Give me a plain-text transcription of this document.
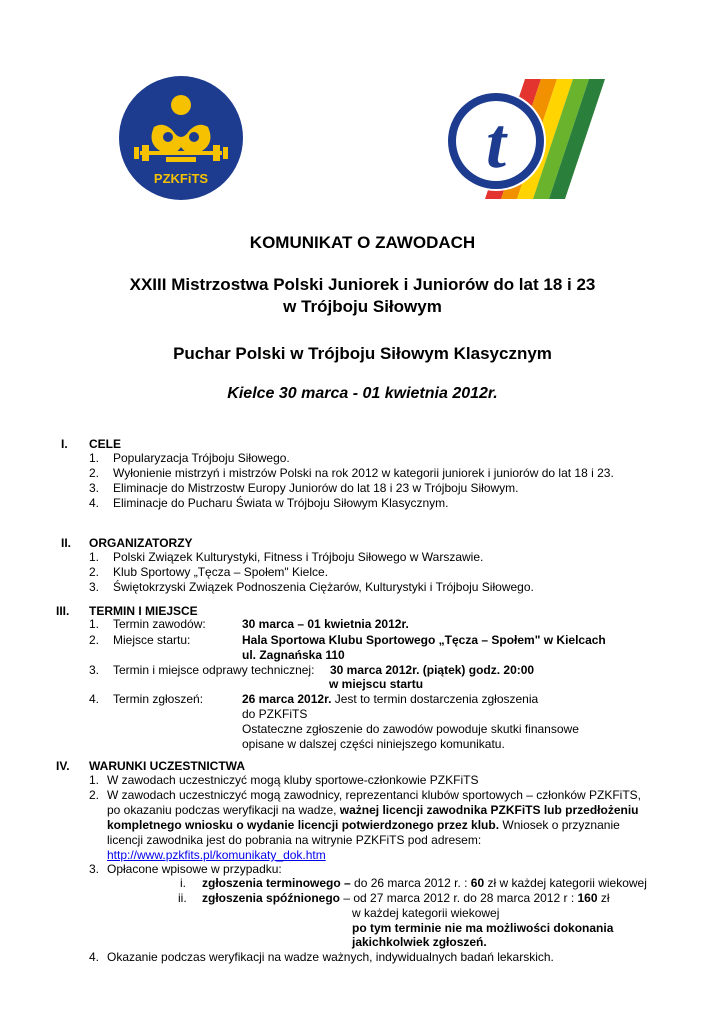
PZKFiTS	t
KOMUNIKAT O ZAWODACH
XXIII Mistrzostwa Polski Juniorek i Juniorów do lat 18 i 23
w Trójboju Siłowym
Puchar Polski w Trójboju Siłowym Klasycznym
Kielce 30 marca - 01 kwietnia 2012r.
I. CELE
1. Popularyzacja Trójboju Siłowego.
2. Wyłonienie mistrzyń i mistrzów Polski na rok 2012 w kategorii juniorek i juniorów do lat 18 i 23.
3. Eliminacje do Mistrzostw Europy Juniorów do lat 18 i 23 w Trójboju Siłowym.
4. Eliminacje do Pucharu Świata w Trójboju Siłowym Klasycznym.
II. ORGANIZATORZY
1. Polski Związek Kulturystyki, Fitness i Trójboju Siłowego w Warszawie.
2. Klub Sportowy „Tęcza – Społem" Kielce.
3. Świętokrzyski Związek Podnoszenia Ciężarów, Kulturystyki i Trójboju Siłowego.
III. TERMIN I MIEJSCE
1. Termin zawodów:	30 marca – 01 kwietnia 2012r.
2. Miejsce startu:	Hala Sportowa Klubu Sportowego „Tęcza – Społem" w Kielcach
ul. Zagnańska 110
3. Termin i miejsce odprawy technicznej: 30 marca 2012r. (piątek) godz. 20:00
w miejscu startu
4. Termin zgłoszeń:	26 marca 2012r. Jest to termin dostarczenia zgłoszenia
do PZKFiTS
Ostateczne zgłoszenie do zawodów powoduje skutki finansowe
opisane w dalszej części niniejszego komunikatu.
IV. WARUNKI UCZESTNICTWA
1. W zawodach uczestniczyć mogą kluby sportowe-członkowie PZKFiTS
2. W zawodach uczestniczyć mogą zawodnicy, reprezentanci klubów sportowych – członków PZKFiTS,
po okazaniu podczas weryfikacji na wadze, ważnej licencji zawodnika PZKFiTS lub przedłożeniu
kompletnego wniosku o wydanie licencji potwierdzonego przez klub. Wniosek o przyznanie
licencji zawodnika jest do pobrania na witrynie PZKFiTS pod adresem:
http://www.pzkfits.pl/komunikaty_dok.htm
3. Opłacone wpisowe w przypadku:
i. zgłoszenia terminowego – do 26 marca 2012 r. : 60 zł w każdej kategorii wiekowej
ii. zgłoszenia spóźnionego – od 27 marca 2012 r. do 28 marca 2012 r : 160 zł
w każdej kategorii wiekowej
po tym terminie nie ma możliwości dokonania
jakichkolwiek zgłoszeń.
4. Okazanie podczas weryfikacji na wadze ważnych, indywidualnych badań lekarskich.
